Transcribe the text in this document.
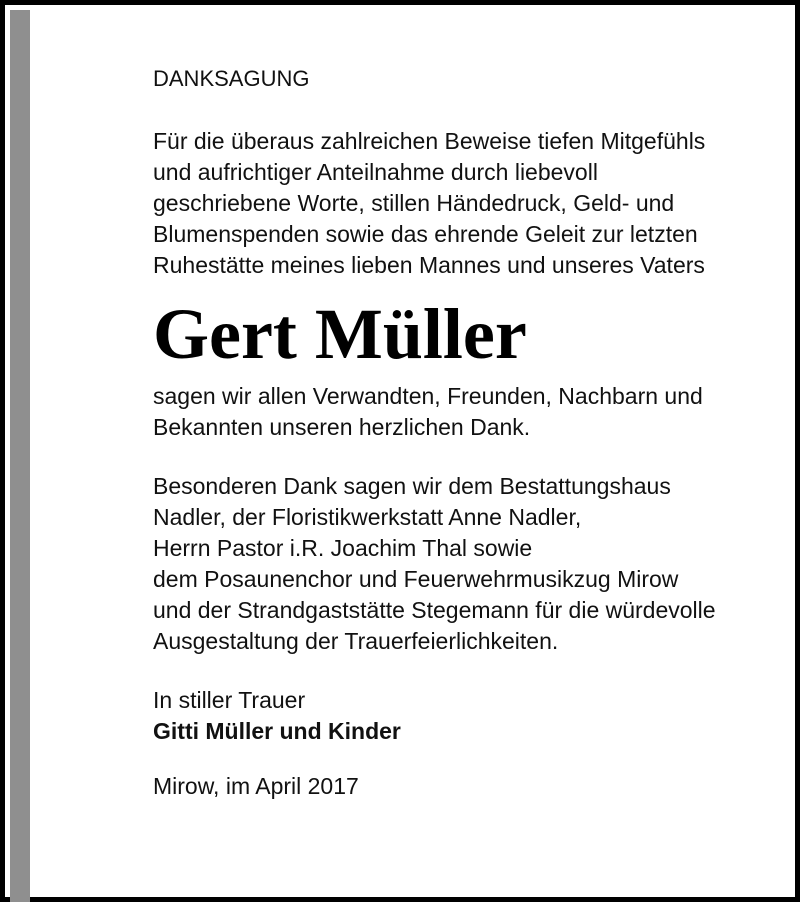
DANKSAGUNG
Für die überaus zahlreichen Beweise tiefen Mitgefühls
und aufrichtiger Anteilnahme durch liebevoll
geschriebene Worte, stillen Händedruck, Geld- und
Blumenspenden sowie das ehrende Geleit zur letzten
Ruhestätte meines lieben Mannes und unseres Vaters
Gert Müller
sagen wir allen Verwandten, Freunden, Nachbarn und
Bekannten unseren herzlichen Dank.
Besonderen Dank sagen wir dem Bestattungshaus
Nadler, der Floristikwerkstatt Anne Nadler,
Herrn Pastor i.R. Joachim Thal sowie
dem Posaunenchor und Feuerwehrmusikzug Mirow
und der Strandgaststätte Stegemann für die würdevolle
Ausgestaltung der Trauerfeierlichkeiten.
In stiller Trauer
Gitti Müller und Kinder
Mirow, im April 2017
